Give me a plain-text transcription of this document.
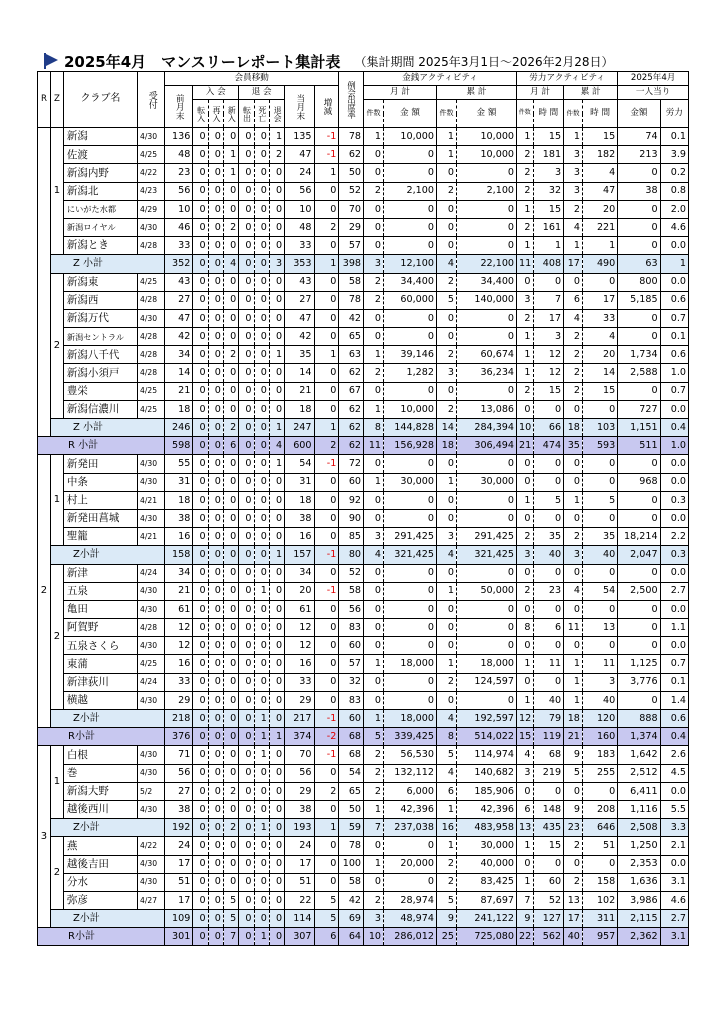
2025年4月　マンスリーレポート集計表 （集計期間 2025年3月1日～2026年2月28日）
R	Z	クラブ名	受付	会員移動									例会出席率	金銭アクティビティ				労力アクティビティ				2025年4月	
				前月末	入 会			退 会			当月末	増減		月 計		累 計		月 計		累 計		一人当り	
					転入	再入	新入	転出	死亡	退会				件数	金 額	件数	金 額	件数	時 間	件数	時 間	金額	労力

	1	新潟	4/30	136	0	0	0	0	0	1	135	-1	78	1	10,000	1	10,000	1	15	1	15	74	0.1
		佐渡	4/25	48	0	0	1	0	0	2	47	-1	62	0	0	1	10,000	2	181	3	182	213	3.9
		新潟内野	4/22	23	0	0	1	0	0	0	24	1	50	0	0	0	0	2	3	3	4	0	0.2
		新潟北	4/23	56	0	0	0	0	0	0	56	0	52	2	2,100	2	2,100	2	32	3	47	38	0.8
		にいがた水都	4/29	10	0	0	0	0	0	0	10	0	70	0	0	0	0	1	15	2	20	0	2.0
		新潟ロイヤル	4/30	46	0	0	2	0	0	0	48	2	29	0	0	0	0	2	161	4	221	0	4.6
		新潟とき	4/28	33	0	0	0	0	0	0	33	0	57	0	0	0	0	1	1	1	1	0	0.0
	Z 小計			352	0	0	4	0	0	3	353	1	398	3	12,100	4	22,100	11	408	17	490	63	1
	2	新潟東	4/25	43	0	0	0	0	0	0	43	0	58	2	34,400	2	34,400	0	0	0	0	800	0.0
		新潟西	4/28	27	0	0	0	0	0	0	27	0	78	2	60,000	5	140,000	3	7	6	17	5,185	0.6
		新潟万代	4/30	47	0	0	0	0	0	0	47	0	42	0	0	0	0	2	17	4	33	0	0.7
		新潟セントラル	4/28	42	0	0	0	0	0	0	42	0	65	0	0	0	0	1	3	2	4	0	0.1
		新潟八千代	4/28	34	0	0	2	0	0	1	35	1	63	1	39,146	2	60,674	1	12	2	20	1,734	0.6
		新潟小須戸	4/28	14	0	0	0	0	0	0	14	0	62	2	1,282	3	36,234	1	12	2	14	2,588	1.0
		豊栄	4/25	21	0	0	0	0	0	0	21	0	67	0	0	0	0	2	15	2	15	0	0.7
		新潟信濃川	4/25	18	0	0	0	0	0	0	18	0	62	1	10,000	2	13,086	0	0	0	0	727	0.0
	Z 小計			246	0	0	2	0	0	1	247	1	62	8	144,828	14	284,394	10	66	18	103	1,151	0.4
R 小計				598	0	0	6	0	0	4	600	2	62	11	156,928	18	306,494	21	474	35	593	511	1.0
2	1	新発田	4/30	55	0	0	0	0	0	1	54	-1	72	0	0	0	0	0	0	0	0	0	0.0
		中条	4/30	31	0	0	0	0	0	0	31	0	60	1	30,000	1	30,000	0	0	0	0	968	0.0
		村上	4/21	18	0	0	0	0	0	0	18	0	92	0	0	0	0	1	5	1	5	0	0.3
		新発田菖城	4/30	38	0	0	0	0	0	0	38	0	90	0	0	0	0	0	0	0	0	0	0.0
		聖籠	4/21	16	0	0	0	0	0	0	16	0	85	3	291,425	3	291,425	2	35	2	35	18,214	2.2
	Z小計			158	0	0	0	0	0	1	157	-1	80	4	321,425	4	321,425	3	40	3	40	2,047	0.3
	2	新津	4/24	34	0	0	0	0	0	0	34	0	52	0	0	0	0	0	0	0	0	0	0.0
		五泉	4/30	21	0	0	0	0	1	0	20	-1	58	0	0	1	50,000	2	23	4	54	2,500	2.7
		亀田	4/30	61	0	0	0	0	0	0	61	0	56	0	0	0	0	0	0	0	0	0	0.0
		阿賀野	4/28	12	0	0	0	0	0	0	12	0	83	0	0	0	0	8	6	11	13	0	1.1
		五泉さくら	4/30	12	0	0	0	0	0	0	12	0	60	0	0	0	0	0	0	0	0	0	0.0
		東蒲	4/25	16	0	0	0	0	0	0	16	0	57	1	18,000	1	18,000	1	11	1	11	1,125	0.7
		新津荻川	4/24	33	0	0	0	0	0	0	33	0	32	0	0	2	124,597	0	0	1	3	3,776	0.1
		横越	4/30	29	0	0	0	0	0	0	29	0	83	0	0	0	0	1	40	1	40	0	1.4
	Z小計			218	0	0	0	0	1	0	217	-1	60	1	18,000	4	192,597	12	79	18	120	888	0.6
R小計				376	0	0	0	0	1	1	374	-2	68	5	339,425	8	514,022	15	119	21	160	1,374	0.4
3	1	白根	4/30	71	0	0	0	0	1	0	70	-1	68	2	56,530	5	114,974	4	68	9	183	1,642	2.6
		巻	4/30	56	0	0	0	0	0	0	56	0	54	2	132,112	4	140,682	3	219	5	255	2,512	4.5
		新潟大野	5/2	27	0	0	2	0	0	0	29	2	65	2	6,000	6	185,906	0	0	0	0	6,411	0.0
		越後西川	4/30	38	0	0	0	0	0	0	38	0	50	1	42,396	1	42,396	6	148	9	208	1,116	5.5
	Z小計			192	0	0	2	0	1	0	193	1	59	7	237,038	16	483,958	13	435	23	646	2,508	3.3
	2	燕	4/22	24	0	0	0	0	0	0	24	0	78	0	0	1	30,000	1	15	2	51	1,250	2.1
		越後吉田	4/30	17	0	0	0	0	0	0	17	0	100	1	20,000	2	40,000	0	0	0	0	2,353	0.0
		分水	4/30	51	0	0	0	0	0	0	51	0	58	0	0	2	83,425	1	60	2	158	1,636	3.1
		弥彦	4/27	17	0	0	5	0	0	0	22	5	42	2	28,974	5	87,697	7	52	13	102	3,986	4.6
	Z小計			109	0	0	5	0	0	0	114	5	69	3	48,974	9	241,122	9	127	17	311	2,115	2.7
R小計				301	0	0	7	0	1	0	307	6	64	10	286,012	25	725,080	22	562	40	957	2,362	3.1
